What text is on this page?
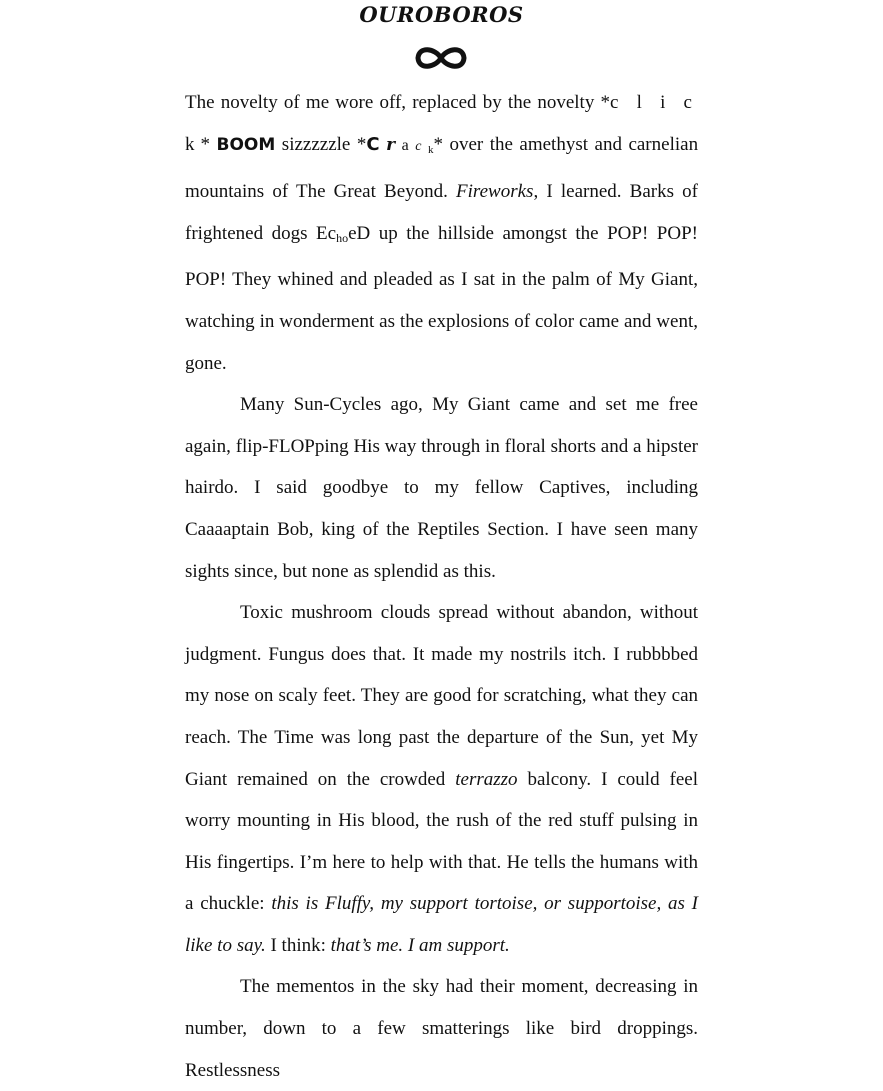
OUROBOROS

The novelty of me wore off, replaced by the novelty *c l i c k* BOOM sizzzzzle *C r a c k* over the amethyst and carnelian mountains of The Great Beyond. Fireworks, I learned. Barks of frightened dogs EchoeD up the hillside amongst the POP! POP! POP! They whined and pleaded as I sat in the palm of My Giant, watching in wonderment as the explosions of color came and went, gone.

Many Sun-Cycles ago, My Giant came and set me free again, flip-FLOPping His way through in floral shorts and a hipster hairdo. I said goodbye to my fellow Captives, including Caaaaptain Bob, king of the Reptiles Section. I have seen many sights since, but none as splendid as this.

Toxic mushroom clouds spread without abandon, without judgment. Fungus does that. It made my nostrils itch. I rubbbbed my nose on scaly feet. They are good for scratching, what they can reach. The Time was long past the departure of the Sun, yet My Giant remained on the crowded terrazzo balcony. I could feel worry mounting in His blood, the rush of the red stuff pulsing in His fingertips. I’m here to help with that. He tells the humans with a chuckle: this is Fluffy, my support tortoise, or supportoise, as I like to say. I think: that’s me. I am support.

The mementos in the sky had their moment, decreasing in number, down to a few smatterings like bird droppings. Restlessness
